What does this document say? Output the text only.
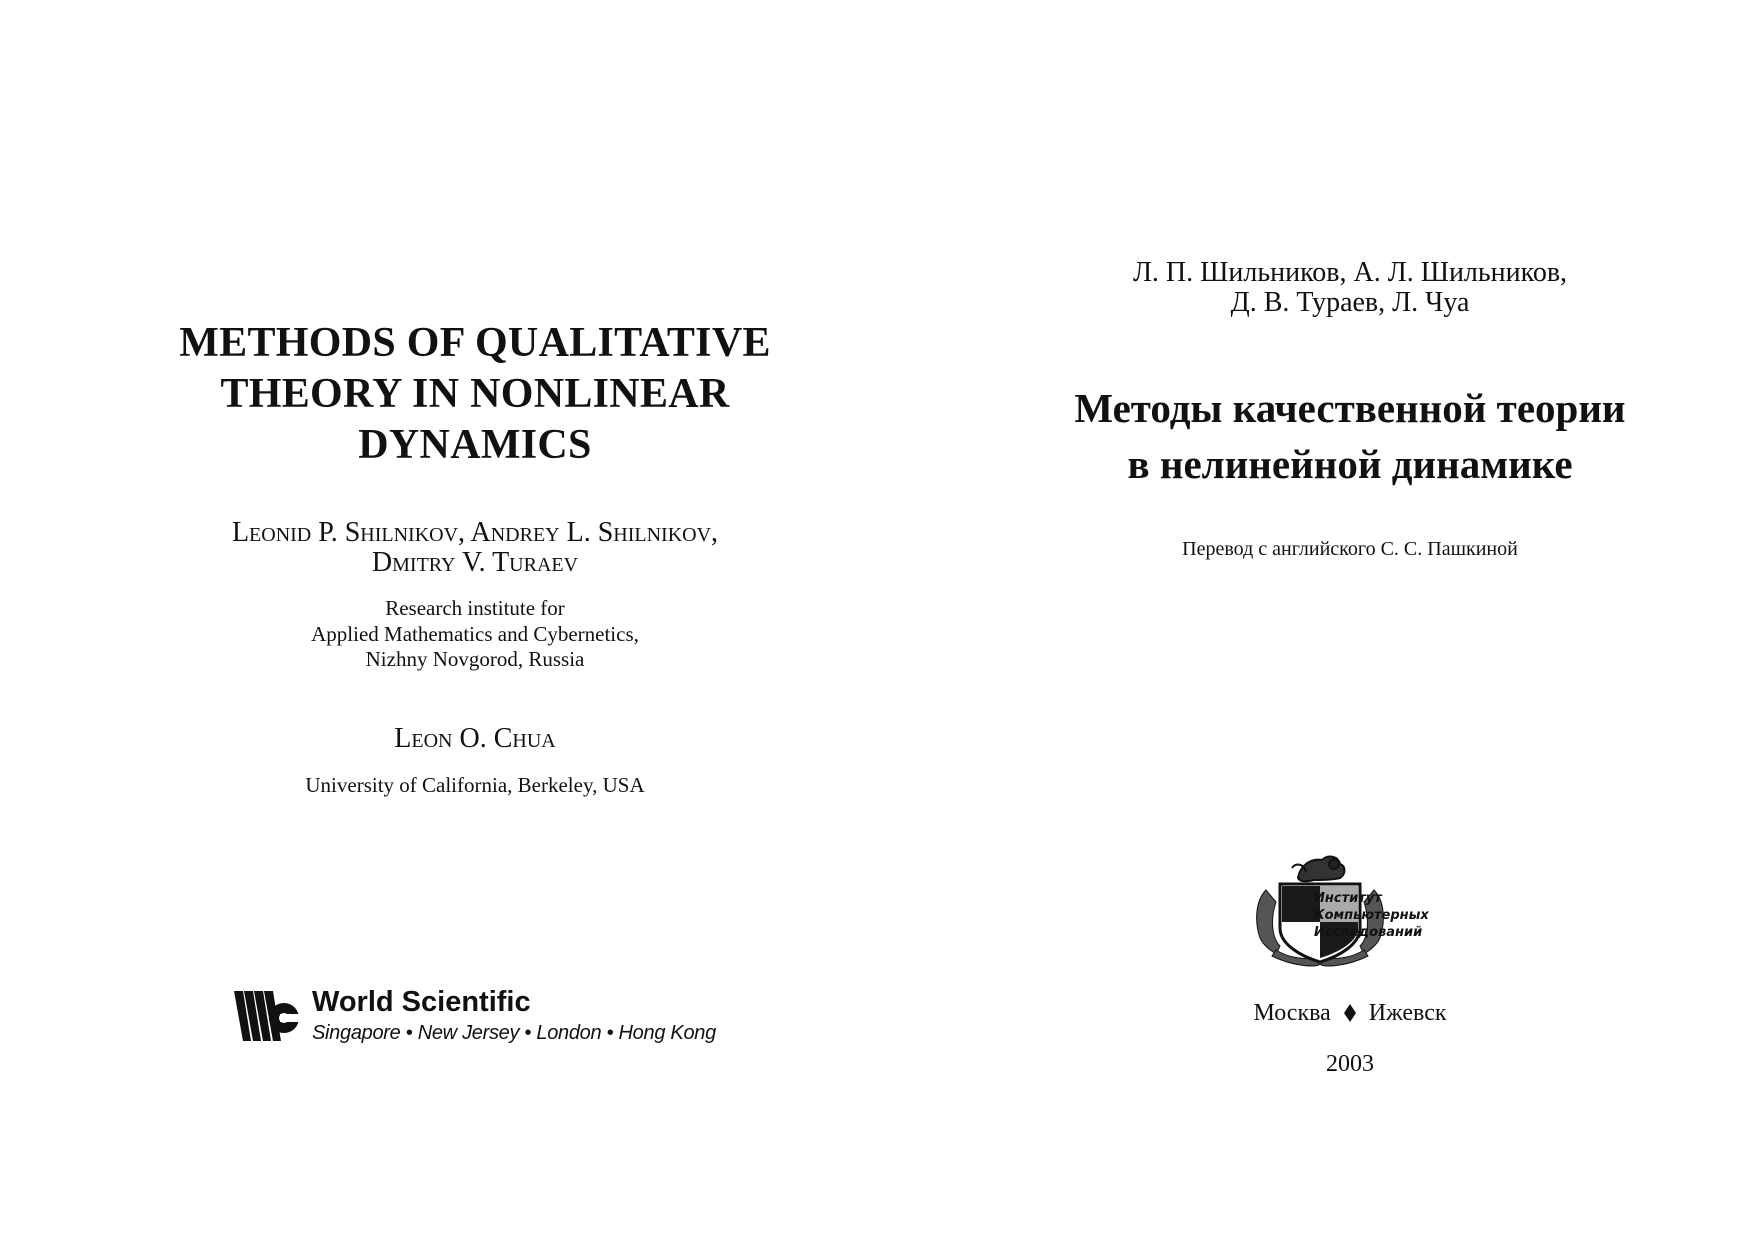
METHODS OF QUALITATIVE
THEORY IN NONLINEAR
DYNAMICS
Leonid P. Shilnikov, Andrey L. Shilnikov,
Dmitry V. Turaev
Research institute for
Applied Mathematics and Cybernetics,
Nizhny Novgorod, Russia
Leon O. Chua
University of California, Berkeley, USA
World Scientific
Singapore • New Jersey • London • Hong Kong
Л. П. Шильников, А. Л. Шильников,
Д. В. Тураев, Л. Чуа
Методы качественной теории
в нелинейной динамике
Перевод с английского С. С. Пашкиной
Институт
Компьютерных
Исследований
Москва Ижевск
2003
